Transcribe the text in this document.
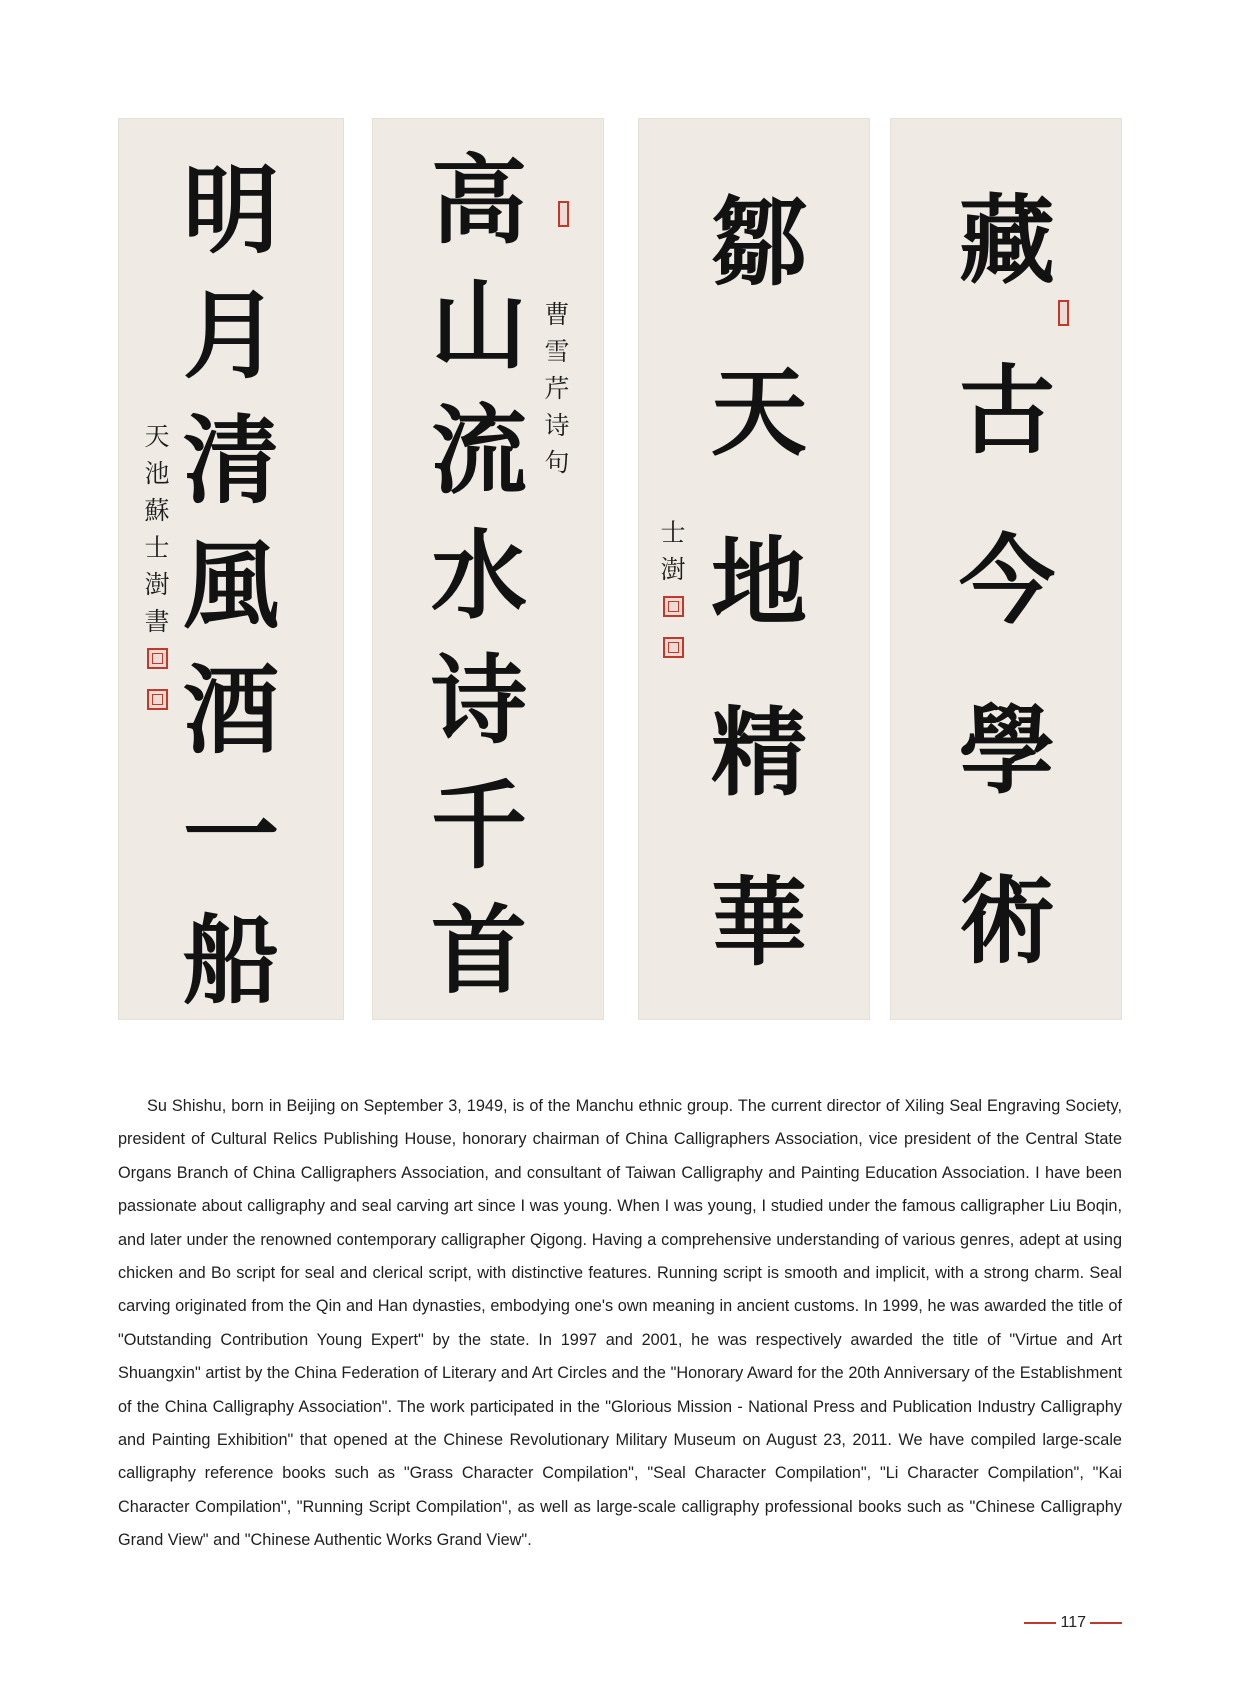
明
月
清
風
酒
一
船
天
池
蘇
士
澍
書
高
山
流
水
诗
千
首
曹
雪
芹
诗
句
鄒
天
地
精
華
士
澍
藏
古
今
學
術

Su Shishu, born in Beijing on September 3, 1949, is of the Manchu ethnic group. The current director of Xiling Seal Engraving Society, president of Cultural Relics Publishing House, honorary chairman of China Calligraphers Association, vice president of the Central State Organs Branch of China Calligraphers Association, and consultant of Taiwan Calligraphy and Painting Education Association. I have been passionate about calligraphy and seal carving art since I was young. When I was young, I studied under the famous calligrapher Liu Boqin, and later under the renowned contemporary calligrapher Qigong. Having a comprehensive understanding of various genres, adept at using chicken and Bo script for seal and clerical script, with distinctive features. Running script is smooth and implicit, with a strong charm. Seal carving originated from the Qin and Han dynasties, embodying one's own meaning in ancient customs. In 1999, he was awarded the title of "Outstanding Contribution Young Expert" by the state. In 1997 and 2001, he was respectively awarded the title of "Virtue and Art Shuangxin" artist by the China Federation of Literary and Art Circles and the "Honorary Award for the 20th Anniversary of the Establishment of the China Calligraphy Association". The work participated in the "Glorious Mission - National Press and Publication Industry Calligraphy and Painting Exhibition" that opened at the Chinese Revolutionary Military Museum on August 23, 2011. We have compiled large-scale calligraphy reference books such as "Grass Character Compilation", "Seal Character Compilation", "Li Character Compilation", "Kai Character Compilation", "Running Script Compilation", as well as large-scale calligraphy professional books such as "Chinese Calligraphy Grand View" and "Chinese Authentic Works Grand View".

117
